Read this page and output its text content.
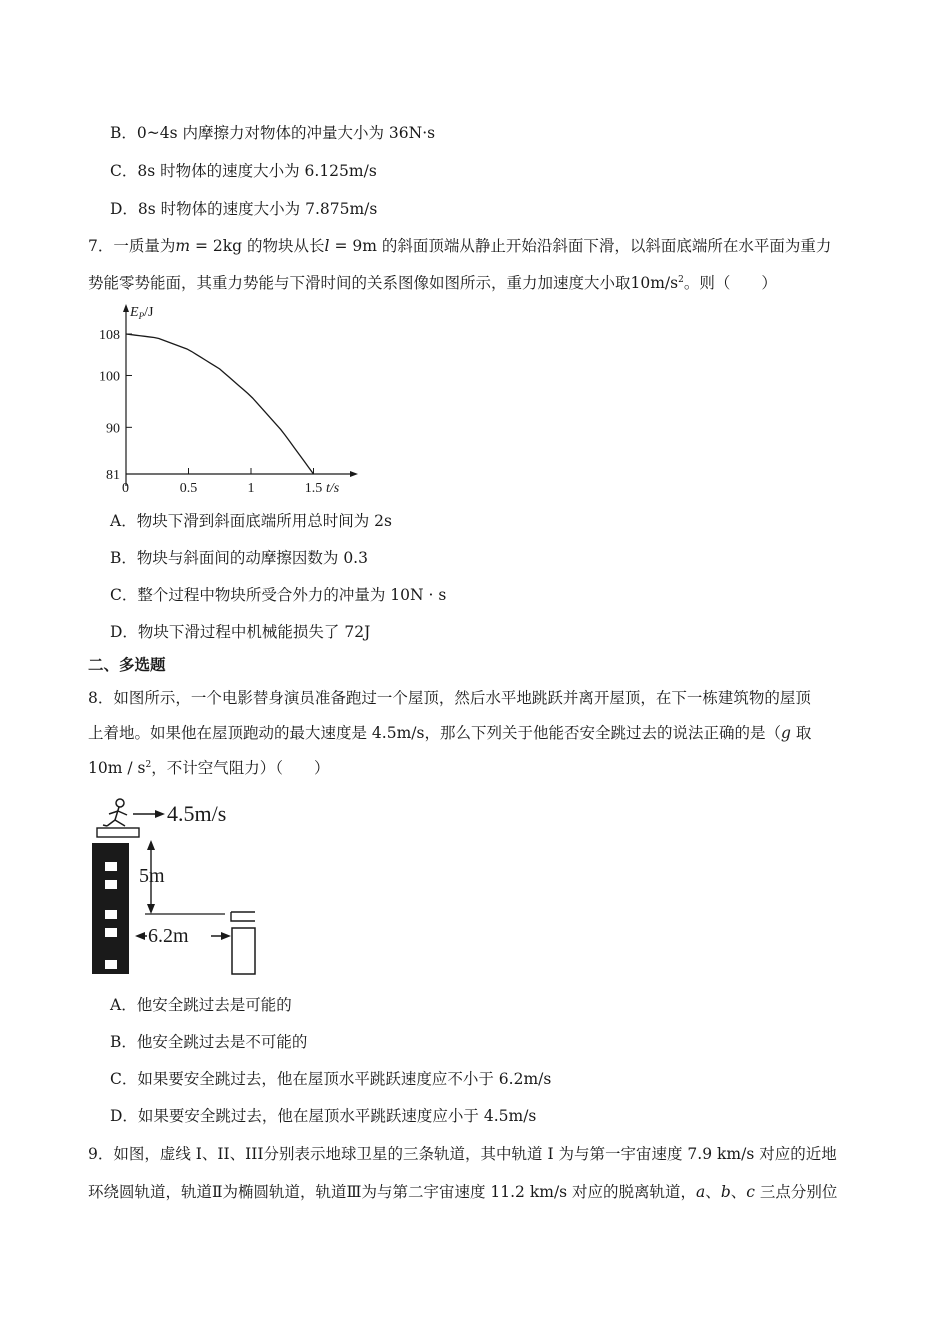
B．0~4s 内摩擦力对物体的冲量大小为 36N·s
C．8s 时物体的速度大小为 6.125m/s
D．8s 时物体的速度大小为 7.875m/s
7．一质量为m = 2kg 的物块从长l = 9m 的斜面顶端从静止开始沿斜面下滑，以斜面底端所在水平面为重力
势能零势能面，其重力势能与下滑时间的关系图像如图所示，重力加速度大小取$10m/s^2$。则（　　）
$E_P/J$
t/s
0
108
100
90
81
0.5	1	1.5
A．物块下滑到斜面底端所用总时间为 2s
B．物块与斜面间的动摩擦因数为 0.3
C．整个过程中物块所受合外力的冲量为 10N · s
D．物块下滑过程中机械能损失了 72J
二、多选题
8．如图所示，一个电影替身演员准备跑过一个屋顶，然后水平地跳跃并离开屋顶，在下一栋建筑物的屋顶
上着地。如果他在屋顶跑动的最大速度是 4.5m/s，那么下列关于他能否安全跳过去的说法正确的是（g 取
$10m / s^2$，不计空气阻力）（　　）
4.5m/s
5m
6.2m
A．他安全跳过去是可能的
B．他安全跳过去是不可能的
C．如果要安全跳过去，他在屋顶水平跳跃速度应不小于 6.2m/s
D．如果要安全跳过去，他在屋顶水平跳跃速度应小于 4.5m/s
9．如图，虚线 I、II、III分别表示地球卫星的三条轨道，其中轨道 I 为与第一宇宙速度 7.9 km/s 对应的近地
环绕圆轨道，轨道Ⅱ为椭圆轨道，轨道Ⅲ为与第二宇宙速度 11.2 km/s 对应的脱离轨道，a、b、c 三点分别位
